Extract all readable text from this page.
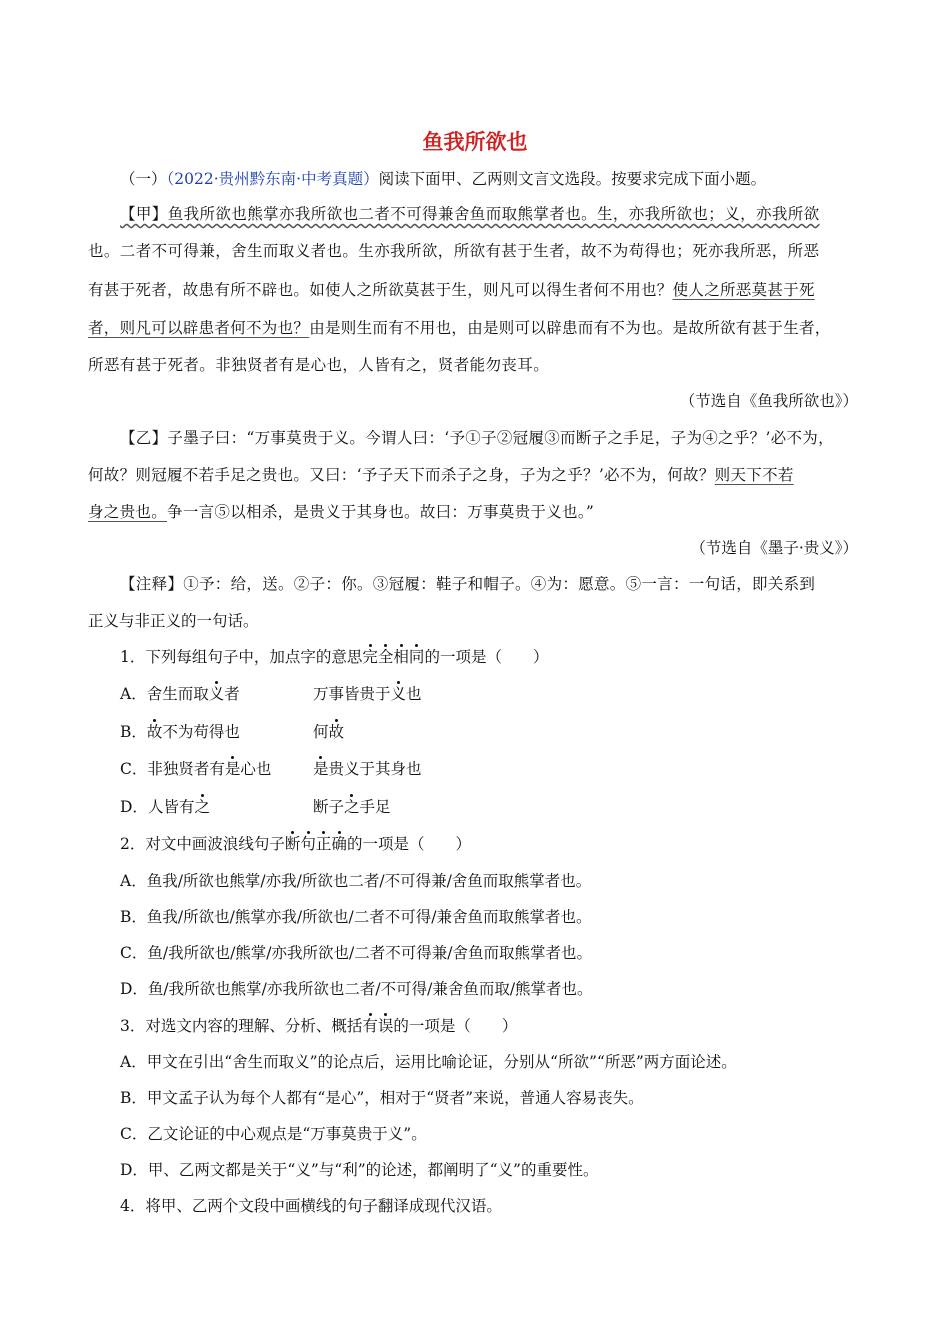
鱼我所欲也
（一）（2022·贵州黔东南·中考真题）阅读下面甲、乙两则文言文选段。按要求完成下面小题。
【甲】鱼我所欲也熊掌亦我所欲也二者不可得兼舍鱼而取熊掌者也。生，亦我所欲也；义，亦我所欲
也。二者不可得兼，舍生而取义者也。生亦我所欲，所欲有甚于生者，故不为苟得也；死亦我所恶，所恶
有甚于死者，故患有所不辟也。如使人之所欲莫甚于生，则凡可以得生者何不用也？使人之所恶莫甚于死
者，则凡可以辟患者何不为也？由是则生而有不用也，由是则可以辟患而有不为也。是故所欲有甚于生者，
所恶有甚于死者。非独贤者有是心也，人皆有之，贤者能勿丧耳。
（节选自《鱼我所欲也》）
【乙】子墨子曰：“万事莫贵于义。今谓人曰：‘予①子②冠履③而断子之手足，子为④之乎？’必不为，
何故？则冠履不若手足之贵也。又曰：‘予子天下而杀子之身，子为之乎？’必不为，何故？则天下不若
身之贵也。争一言⑤以相杀，是贵义于其身也。故曰：万事莫贵于义也。”
（节选自《墨子·贵义》）
【注释】①予：给，送。②子：你。③冠履：鞋子和帽子。④为：愿意。⑤一言：一句话，即关系到
正义与非正义的一句话。
1．下列每组句子中，加点字的意思完全相同的一项是（　　）
A．舍生而取义者	万事皆贵于义也
B．故不为苟得也	何故
C．非独贤者有是心也	是贵义于其身也
D．人皆有之	断子之手足
2．对文中画波浪线句子断句正确的一项是（　　）
A．鱼我/所欲也熊掌/亦我/所欲也二者/不可得兼/舍鱼而取熊掌者也。
B．鱼我/所欲也/熊掌亦我/所欲也/二者不可得/兼舍鱼而取熊掌者也。
C．鱼/我所欲也/熊掌/亦我所欲也/二者不可得兼/舍鱼而取熊掌者也。
D．鱼/我所欲也熊掌/亦我所欲也二者/不可得/兼舍鱼而取/熊掌者也。
3．对选文内容的理解、分析、概括有误的一项是（　　）
A．甲文在引出“舍生而取义”的论点后，运用比喻论证，分别从“所欲”“所恶”两方面论述。
B．甲文孟子认为每个人都有“是心”，相对于“贤者”来说，普通人容易丧失。
C．乙文论证的中心观点是“万事莫贵于义”。
D．甲、乙两文都是关于“义”与“利”的论述，都阐明了“义”的重要性。
4．将甲、乙两个文段中画横线的句子翻译成现代汉语。
